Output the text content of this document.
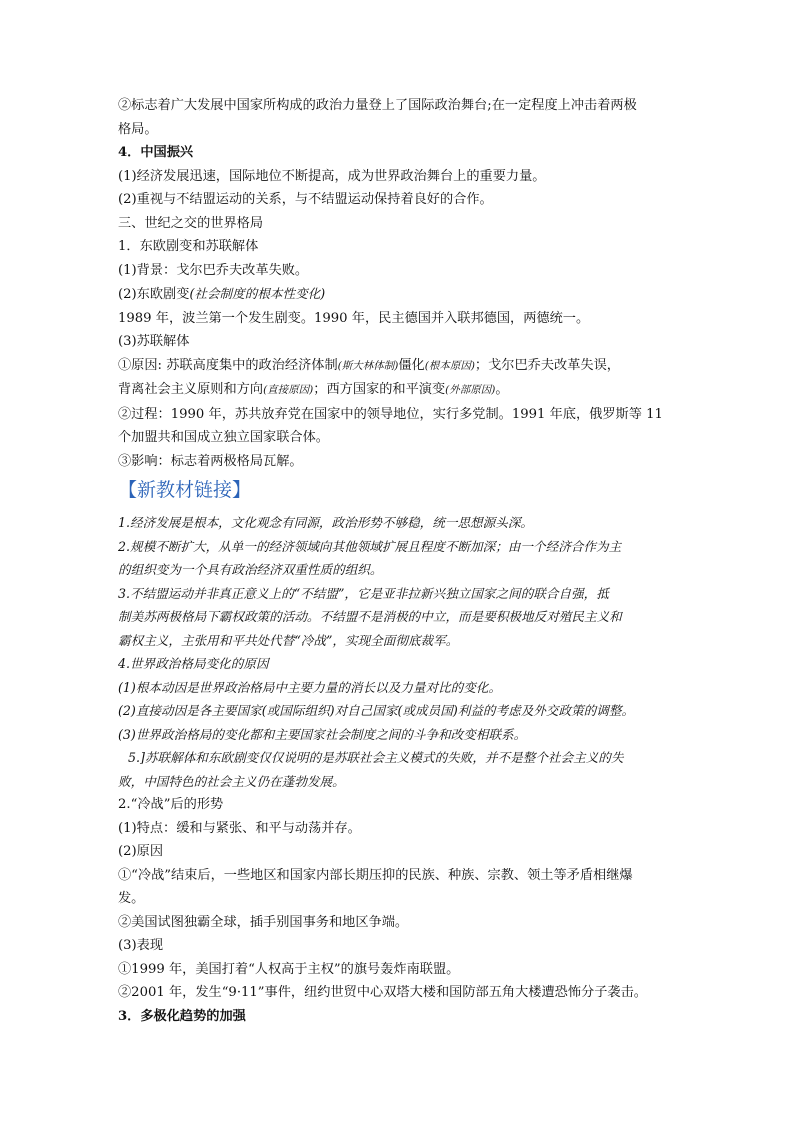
②标志着广大发展中国家所构成的政治力量登上了国际政治舞台;在一定程度上冲击着两极

格局。

4．中国振兴

(1)经济发展迅速，国际地位不断提高，成为世界政治舞台上的重要力量。

(2)重视与不结盟运动的关系，与不结盟运动保持着良好的合作。

三、世纪之交的世界格局

1．东欧剧变和苏联解体

(1)背景：戈尔巴乔夫改革失败。

(2)东欧剧变(社会制度的根本性变化)

1989 年，波兰第一个发生剧变。1990 年，民主德国并入联邦德国，两德统一。

(3)苏联解体

①原因: 苏联高度集中的政治经济体制(斯大林体制)僵化(根本原因)；戈尔巴乔夫改革失误，

背离社会主义原则和方向(直接原因)；西方国家的和平演变(外部原因)。

②过程：1990 年，苏共放弃党在国家中的领导地位，实行多党制。1991 年底，俄罗斯等 11

个加盟共和国成立独立国家联合体。

③影响：标志着两极格局瓦解。

【新教材链接】

1.经济发展是根本，文化观念有同源，政治形势不够稳，统一思想源头深。

2.规模不断扩大，从单一的经济领域向其他领域扩展且程度不断加深；由一个经济合作为主

的组织变为一个具有政治经济双重性质的组织。

3.不结盟运动并非真正意义上的“不结盟”，它是亚非拉新兴独立国家之间的联合自强，抵

制美苏两极格局下霸权政策的活动。不结盟不是消极的中立，而是要积极地反对殖民主义和

霸权主义，主张用和平共处代替“冷战”，实现全面彻底裁军。

4.世界政治格局变化的原因

(1)根本动因是世界政治格局中主要力量的消长以及力量对比的变化。

(2)直接动因是各主要国家(或国际组织)对自己国家(或成员国)利益的考虑及外交政策的调整。

(3)世界政治格局的变化都和主要国家社会制度之间的斗争和改变相联系。

5.]苏联解体和东欧剧变仅仅说明的是苏联社会主义模式的失败，并不是整个社会主义的失

败，中国特色的社会主义仍在蓬勃发展。

2.“冷战”后的形势

(1)特点：缓和与紧张、和平与动荡并存。

(2)原因

①“冷战”结束后，一些地区和国家内部长期压抑的民族、种族、宗教、领土等矛盾相继爆

发。

②美国试图独霸全球，插手别国事务和地区争端。

(3)表现

①1999 年，美国打着“人权高于主权”的旗号轰炸南联盟。

②2001 年，发生“9·11”事件，纽约世贸中心双塔大楼和国防部五角大楼遭恐怖分子袭击。

3．多极化趋势的加强
